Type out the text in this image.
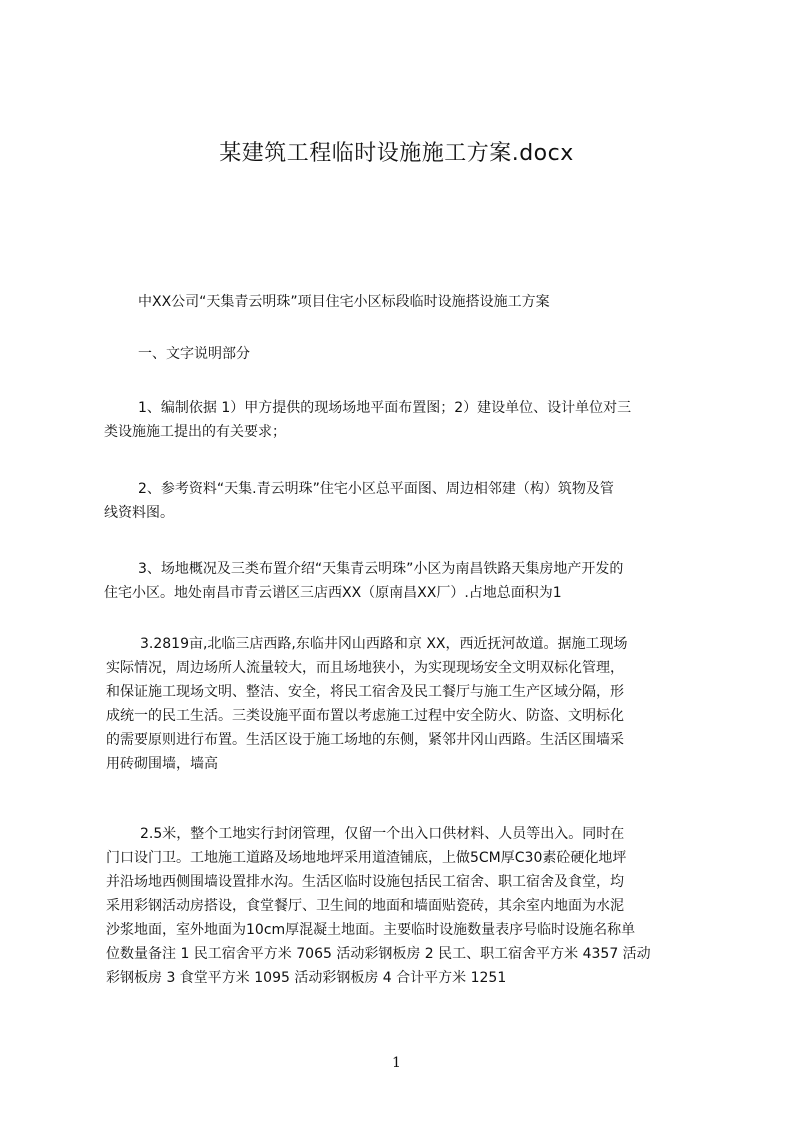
某建筑工程临时设施施工方案.docx
中XX公司“天集青云明珠”项目住宅小区标段临时设施搭设施工方案
一、文字说明部分
1、编制依据 1）甲方提供的现场场地平面布置图；2）建设单位、设计单位对三
类设施施工提出的有关要求；
2、参考资料“天集.青云明珠”住宅小区总平面图、周边相邻建（构）筑物及管
线资料图。
3、场地概况及三类布置介绍“天集青云明珠”小区为南昌铁路天集房地产开发的
住宅小区。地处南昌市青云谱区三店西XX（原南昌XX厂）.占地总面积为1
3.2819亩,北临三店西路,东临井冈山西路和京 XX，西近抚河故道。据施工现场
实际情况，周边场所人流量较大，而且场地狭小，为实现现场安全文明双标化管理，
和保证施工现场文明、整洁、安全，将民工宿舍及民工餐厅与施工生产区域分隔，形
成统一的民工生活。三类设施平面布置以考虑施工过程中安全防火、防盗、文明标化
的需要原则进行布置。生活区设于施工场地的东侧，紧邻井冈山西路。生活区围墙采
用砖砌围墙，墙高
2.5米，整个工地实行封闭管理，仅留一个出入口供材料、人员等出入。同时在
门口设门卫。工地施工道路及场地地坪采用道渣铺底，上做5CM厚C30素砼硬化地坪
并沿场地西侧围墙设置排水沟。生活区临时设施包括民工宿舍、职工宿舍及食堂，均
采用彩钢活动房搭设，食堂餐厅、卫生间的地面和墙面贴瓷砖，其余室内地面为水泥
沙浆地面，室外地面为10cm厚混凝土地面。主要临时设施数量表序号临时设施名称单
位数量备注 1 民工宿舍平方米 7065 活动彩钢板房 2 民工、职工宿舍平方米 4357 活动
彩钢板房 3 食堂平方米 1095 活动彩钢板房 4 合计平方米 1251
1
